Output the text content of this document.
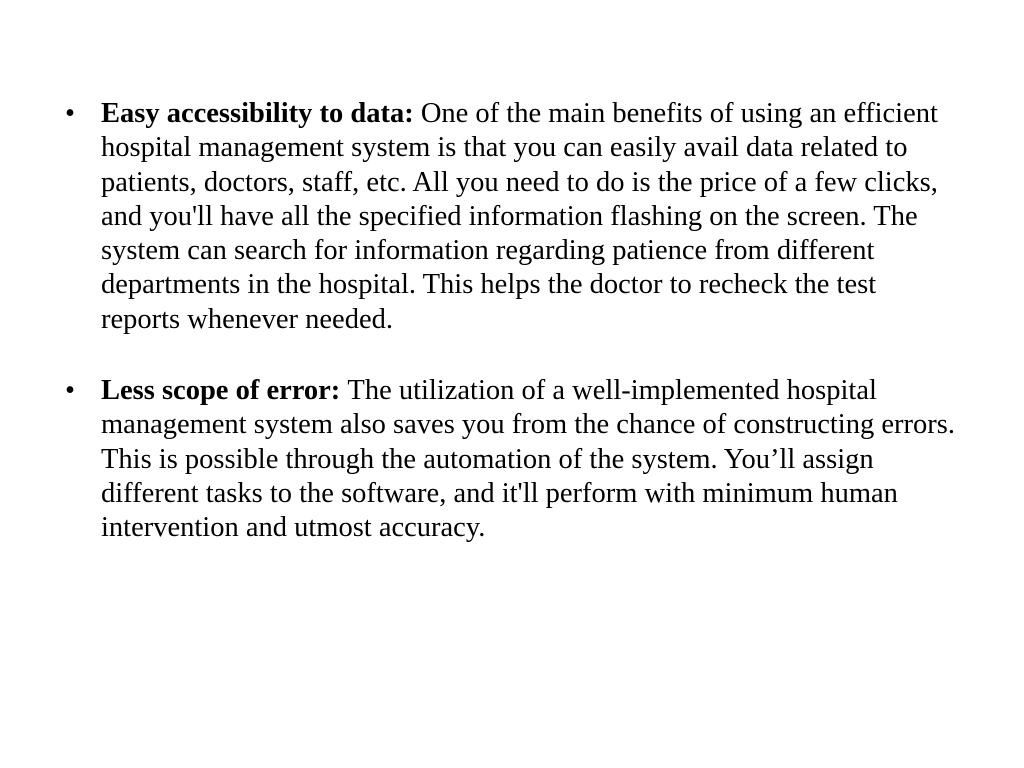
• Easy accessibility to data: One of the main benefits of using an efficient hospital management system is that you can easily avail data related to patients, doctors, staff, etc. All you need to do is the price of a few clicks, and you'll have all the specified information flashing on the screen. The system can search for information regarding patience from different departments in the hospital. This helps the doctor to recheck the test reports whenever needed.
• Less scope of error: The utilization of a well-implemented hospital management system also saves you from the chance of constructing errors. This is possible through the automation of the system. You’ll assign different tasks to the software, and it'll perform with minimum human intervention and utmost accuracy.
